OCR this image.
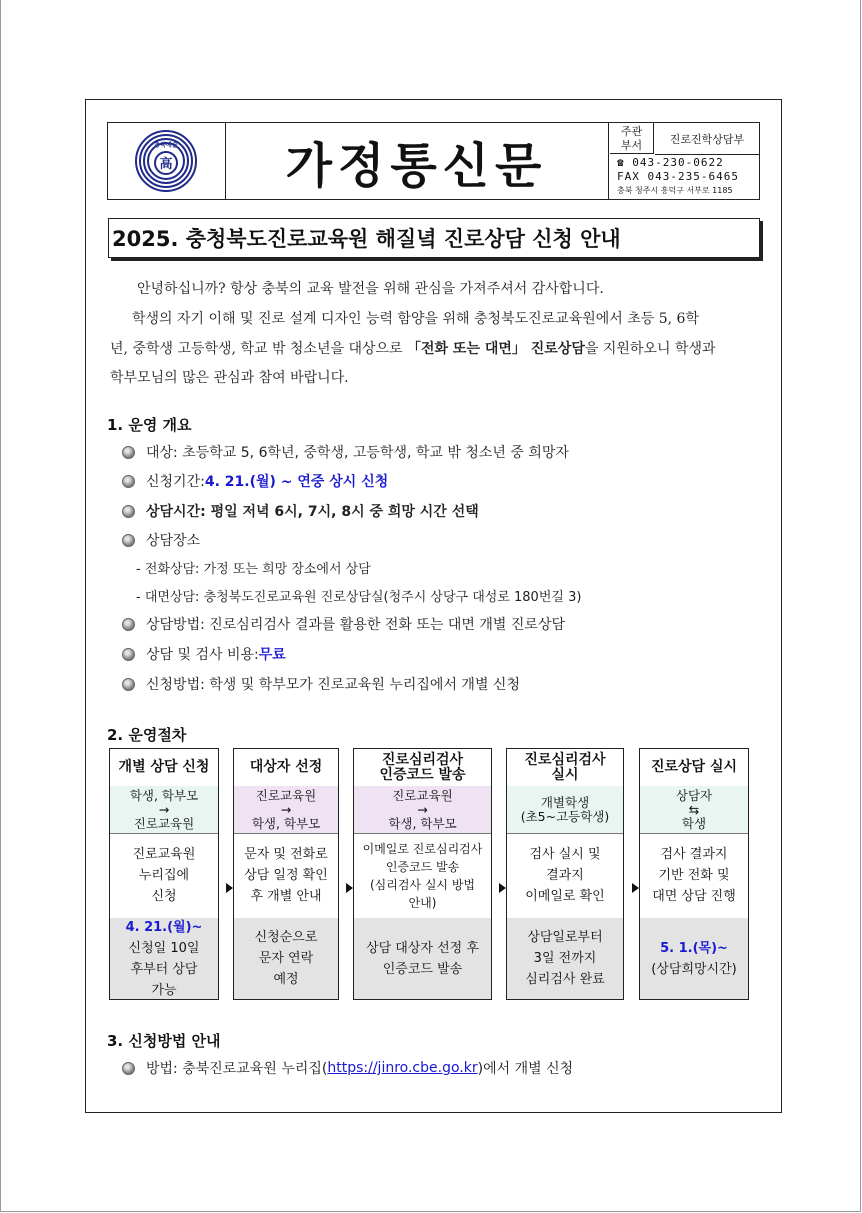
충북예술
高 가정통신문
주관
부서	진로진학상담부
☎ 043-230-0622
FAX 043-235-6465
충북 청주시 흥덕구 서부로 1185
2025. 충청북도진로교육원 해질녘 진로상담 신청 안내
안녕하십니까? 항상 충북의 교육 발전을 위해 관심을 가져주셔서 감사합니다.
학생의 자기 이해 및 진로 설계 디자인 능력 함양을 위해 충청북도진로교육원에서 초등 5, 6학
년, 중학생 고등학생, 학교 밖 청소년을 대상으로 「전화 또는 대면」 진로상담을 지원하오니 학생과
학부모님의 많은 관심과 참여 바랍니다.
1. 운영 개요
대상: 초등학교 5, 6학년, 중학생, 고등학생, 학교 밖 청소년 중 희망자
신청기간: 4. 21.(월) ~ 연중 상시 신청
상담시간: 평일 저녁 6시, 7시, 8시 중 희망 시간 선택
상담장소
- 전화상담: 가정 또는 희망 장소에서 상담
- 대면상담: 충청북도진로교육원 진로상담실(청주시 상당구 대성로 180번길 3)
상담방법: 진로심리검사 결과를 활용한 전화 또는 대면 개별 진로상담
상담 및 검사 비용: 무료
신청방법: 학생 및 학부모가 진로교육원 누리집에서 개별 신청
2. 운영절차
개별 상담 신청
학생, 학부모
→
진로교육원
진로교육원
누리집에
신청
4. 21.(월)~
신청일 10일
후부터 상담
가능
대상자 선정
진로교육원
→
학생, 학부모
문자 및 전화로
상담 일정 확인
후 개별 안내
신청순으로
문자 연락
예정
진로심리검사
인증코드 발송
진로교육원
→
학생, 학부모
이메일로 진로심리검사
인증코드 발송
(심리검사 실시 방법
안내)
상담 대상자 선정 후
인증코드 발송
진로심리검사
실시
개별학생
(초5~고등학생)
검사 실시 및
결과지
이메일로 확인
상담일로부터
3일 전까지
심리검사 완료
진로상담 실시
상담자
⇆
학생
검사 결과지
기반 전화 및
대면 상담 진행
5. 1.(목)~
(상담희망시간)
3. 신청방법 안내
방법: 충북진로교육원 누리집( https://jinro.cbe.go.kr )에서 개별 신청
